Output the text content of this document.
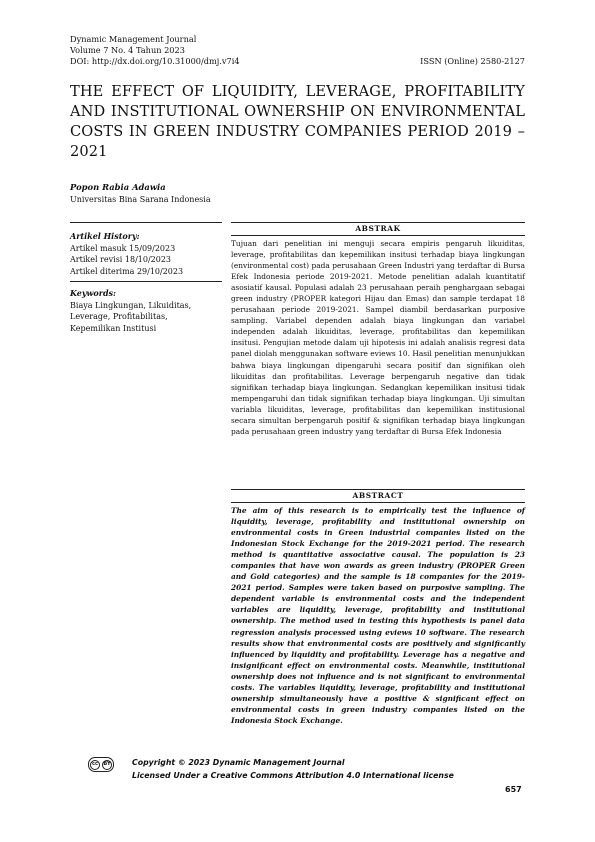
Dynamic Management Journal
Volume 7 No. 4 Tahun 2023
DOI: http://dx.doi.org/10.31000/dmj.v7i4	ISSN (Online) 2580-2127
THE EFFECT OF LIQUIDITY, LEVERAGE, PROFITABILITY AND INSTITUTIONAL OWNERSHIP ON ENVIRONMENTAL COSTS IN GREEN INDUSTRY COMPANIES PERIOD 2019 – 2021
Popon Rabia Adawia
Universitas Bina Sarana Indonesia
Artikel History:
Artikel masuk 15/09/2023
Artikel revisi 18/10/2023
Artikel diterima 29/10/2023
Keywords:
Biaya Lingkungan, Likuiditas,
Leverage, Profitabilitas,
Kepemilikan Institusi
ABSTRAK

Tujuan dari penelitian ini menguji secara empiris pengaruh likuiditas, leverage, profitabilitas dan kepemilikan insitusi terhadap biaya lingkungan (environmental cost) pada perusahaan Green Industri yang terdaftar di Bursa Efek Indonesia periode 2019-2021. Metode penelitian adalah kuantitatif asosiatif kausal. Populasi adalah 23 perusahaan peraih penghargaan sebagai green industry (PROPER kategori Hijau dan Emas) dan sample terdapat 18 perusahaan periode 2019-2021. Sampel diambil berdasarkan purposive sampling. Variabel dependen adalah biaya lingkungan dan variabel independen adalah likuiditas, leverage, profitabilitas dan kepemilikan insitusi. Pengujian metode dalam uji hipotesis ini adalah analisis regresi data panel diolah menggunakan software eviews 10. Hasil penelitian menunjukkan bahwa biaya lingkungan dipengaruhi secara positif dan signifikan oleh likuiditas dan profitabilitas. Leverage berpengaruh negative dan tidak signifikan terhadap biaya lingkungan. Sedangkan kepemilikan insitusi tidak mempengaruhi dan tidak signifikan terhadap biaya lingkungan. Uji simultan variabla likuiditas, leverage, profitabilitas dan kepemilikan institusional secara simultan berpengaruh positif & signifikan terhadap biaya lingkungan pada perusahaan green industry yang terdaftar di Bursa Efek Indonesia

ABSTRACT

The aim of this research is to empirically test the influence of liquidity, leverage, profitability and institutional ownership on environmental costs in Green industrial companies listed on the Indonesian Stock Exchange for the 2019-2021 period. The research method is quantitative associative causal. The population is 23 companies that have won awards as green industry (PROPER Green and Gold categories) and the sample is 18 companies for the 2019-2021 period. Samples were taken based on purposive sampling. The dependent variable is environmental costs and the independent variables are liquidity, leverage, profitability and institutional ownership. The method used in testing this hypothesis is panel data regression analysis processed using eviews 10 software. The research results show that environmental costs are positively and significantly influenced by liquidity and profitability. Leverage has a negative and insignificant effect on environmental costs. Meanwhile, institutional ownership does not influence and is not significant to environmental costs. The variables liquidity, leverage, profitability and institutional ownership simultaneously have a positive & significant effect on environmental costs in green industry companies listed on the Indonesia Stock Exchange.

cc	BY	Copyright © 2023 Dynamic Management Journal
Licensed Under a Creative Commons Attribution 4.0 International license
657
